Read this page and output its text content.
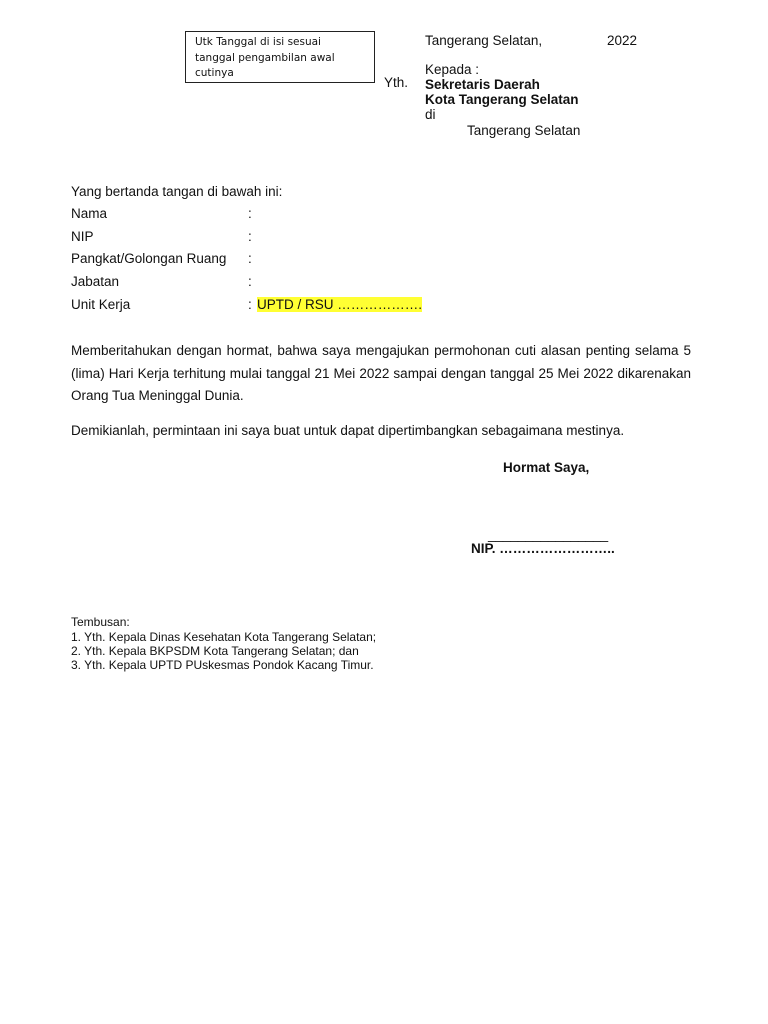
Utk Tanggal di isi sesuai
tanggal pengambilan awal
cutinya
Tangerang Selatan,	2022
Kepada :
Yth. Sekretaris Daerah
Kota Tangerang Selatan
di
Tangerang Selatan
Yang bertanda tangan di bawah ini:
Nama	:
NIP	:
Pangkat/Golongan Ruang :
Jabatan	:
Unit Kerja	: UPTD / RSU ……………….
Memberitahukan dengan hormat, bahwa saya mengajukan permohonan cuti alasan penting selama 5 (lima) Hari Kerja terhitung mulai tanggal 21 Mei 2022 sampai dengan tanggal 25 Mei 2022 dikarenakan Orang Tua Meninggal Dunia.
Demikianlah, permintaan ini saya buat untuk dapat dipertimbangkan sebagaimana mestinya.
Hormat Saya,
________________
NIP. ……………………..
Tembusan:
1. Yth. Kepala Dinas Kesehatan Kota Tangerang Selatan;
2. Yth. Kepala BKPSDM Kota Tangerang Selatan; dan
3. Yth. Kepala UPTD PUskesmas Pondok Kacang Timur.
